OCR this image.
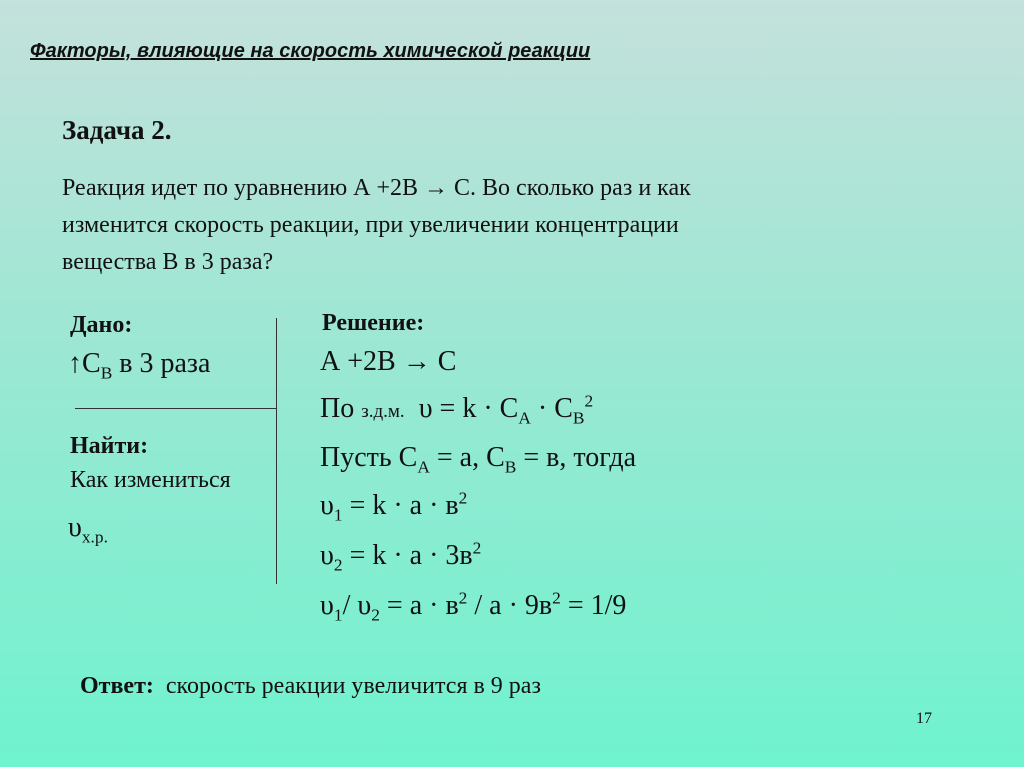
Факторы, влияющие на скорость химической реакции
Задача 2.
Реакция идет по уравнению А +2В → С. Во сколько раз и как
изменится скорость реакции, при увеличении концентрации
вещества В в 3 раза?
Дано:
$↑С_В$ в 3 раза
Найти:
Как измениться
$\upsilon_{х.р.}$
Решение:
А +2В → С
По з.д.м.  $\upsilon = k \cdot С_А \cdot С_В^2$
Пусть $С_А = а$, $С_В = в$, тогда
$\upsilon_1 = k \cdot а \cdot в^2$
$\upsilon_2 = k \cdot а \cdot 3в^2$
$\upsilon_1/$ $\upsilon_2 = а \cdot в^2 / а \cdot 9в^2 = 1/9$
Ответ:  скорость реакции увеличится в 9 раз
17
